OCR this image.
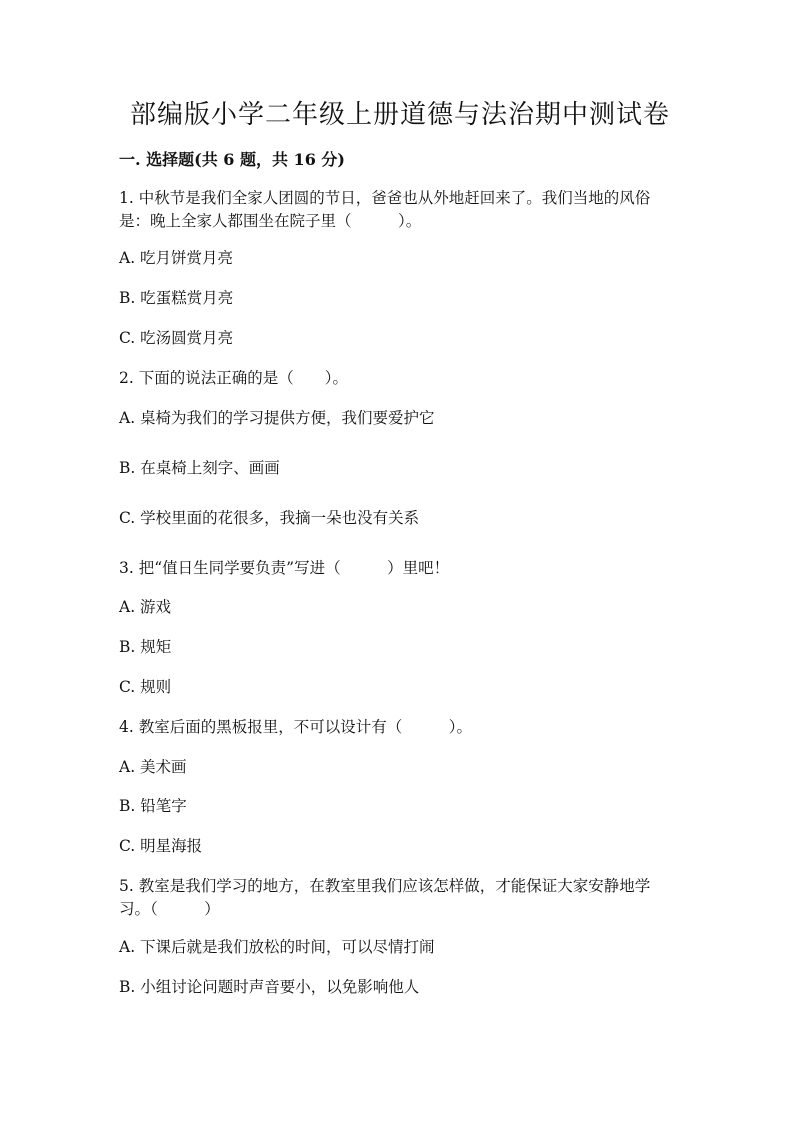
部编版小学二年级上册道德与法治期中测试卷
一. 选择题(共 6 题，共 16 分)

1. 中秋节是我们全家人团圆的节日，爸爸也从外地赶回来了。我们当地的风俗

是：晚上全家人都围坐在院子里（　　　）。

A. 吃月饼赏月亮

B. 吃蛋糕赏月亮

C. 吃汤圆赏月亮

2. 下面的说法正确的是（　　）。

A. 桌椅为我们的学习提供方便，我们要爱护它

B. 在桌椅上刻字、画画

C. 学校里面的花很多，我摘一朵也没有关系

3. 把“值日生同学要负责”写进（　　　）里吧！

A. 游戏

B. 规矩

C. 规则

4. 教室后面的黑板报里，不可以设计有（　　　）。

A. 美术画

B. 铅笔字

C. 明星海报

5. 教室是我们学习的地方，在教室里我们应该怎样做，才能保证大家安静地学

习。（　　　）

A. 下课后就是我们放松的时间，可以尽情打闹

B. 小组讨论问题时声音要小，以免影响他人
